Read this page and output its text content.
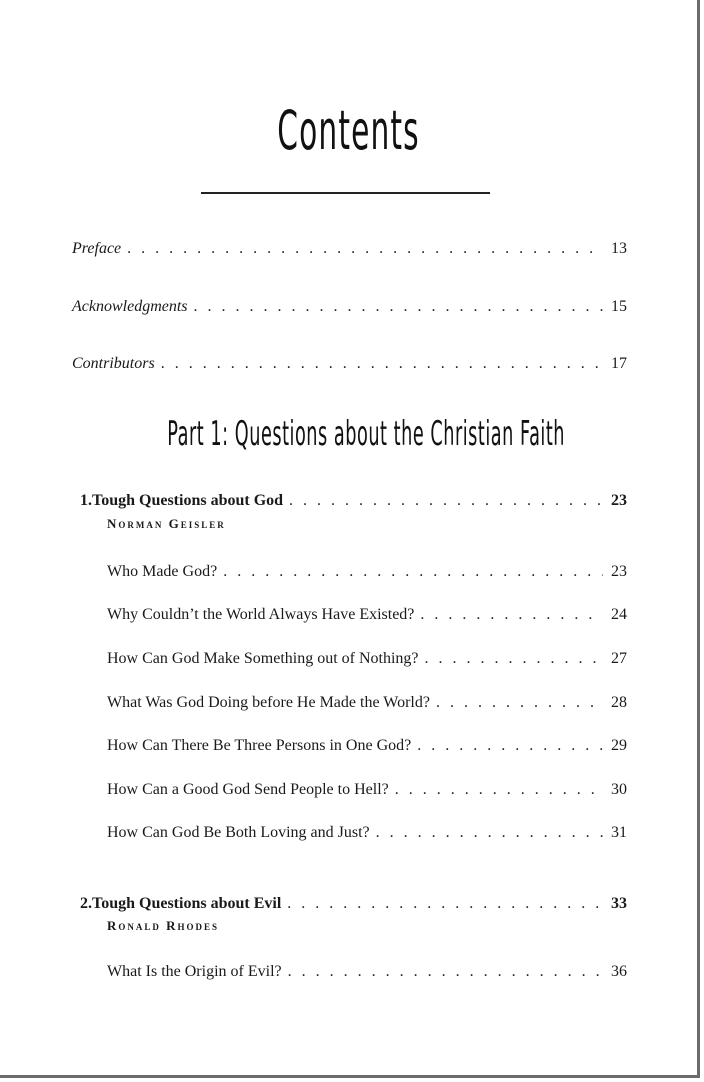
Contents
Preface . . .	13
Acknowledgments . . .	15
Contributors . . .	17
Part 1: Questions about the Christian Faith
1. Tough Questions about God . . .	23
Norman Geisler
Who Made God? . . .	23
Why Couldn’t the World Always Have Existed? . . .	24
How Can God Make Something out of Nothing? . . .	27
What Was God Doing before He Made the World? . . .	28
How Can There Be Three Persons in One God? . . .	29
How Can a Good God Send People to Hell? . . .	30
How Can God Be Both Loving and Just? . . .	31
2. Tough Questions about Evil . . .	33
Ronald Rhodes
What Is the Origin of Evil? . . .	36
